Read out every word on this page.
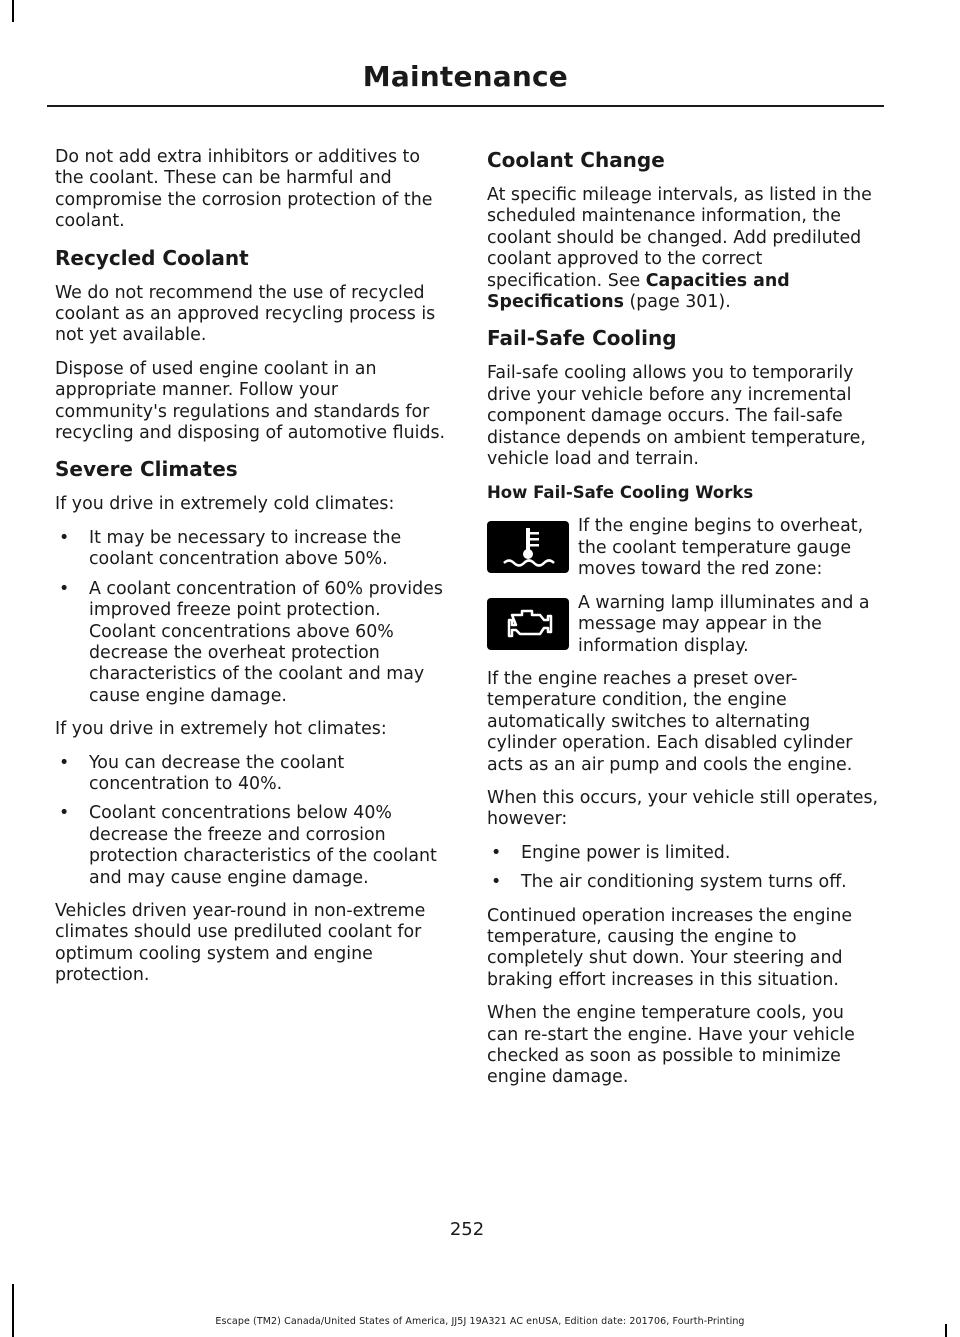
Maintenance

Do not add extra inhibitors or additives to the coolant. These can be harmful and compromise the corrosion protection of the coolant.

Recycled Coolant

We do not recommend the use of recycled coolant as an approved recycling process is not yet available.

Dispose of used engine coolant in an appropriate manner. Follow your community's regulations and standards for recycling and disposing of automotive fluids.

Severe Climates

If you drive in extremely cold climates:

• It may be necessary to increase the coolant concentration above 50%.
• A coolant concentration of 60% provides improved freeze point protection. Coolant concentrations above 60% decrease the overheat protection characteristics of the coolant and may cause engine damage.

If you drive in extremely hot climates:

• You can decrease the coolant concentration to 40%.
• Coolant concentrations below 40% decrease the freeze and corrosion protection characteristics of the coolant and may cause engine damage.

Vehicles driven year-round in non-extreme climates should use prediluted coolant for optimum cooling system and engine protection.

Coolant Change

At specific mileage intervals, as listed in the scheduled maintenance information, the coolant should be changed. Add prediluted coolant approved to the correct specification. See Capacities and Specifications (page 301).

Fail-Safe Cooling

Fail-safe cooling allows you to temporarily drive your vehicle before any incremental component damage occurs. The fail-safe distance depends on ambient temperature, vehicle load and terrain.

How Fail-Safe Cooling Works

If the engine begins to overheat, the coolant temperature gauge moves toward the red zone:

A warning lamp illuminates and a message may appear in the information display.

If the engine reaches a preset over-temperature condition, the engine automatically switches to alternating cylinder operation. Each disabled cylinder acts as an air pump and cools the engine.

When this occurs, your vehicle still operates, however:

• Engine power is limited.
• The air conditioning system turns off.

Continued operation increases the engine temperature, causing the engine to completely shut down. Your steering and braking effort increases in this situation.

When the engine temperature cools, you can re-start the engine. Have your vehicle checked as soon as possible to minimize engine damage.

252
Escape (TM2) Canada/United States of America, JJ5J 19A321 AC enUSA, Edition date: 201706, Fourth-Printing
